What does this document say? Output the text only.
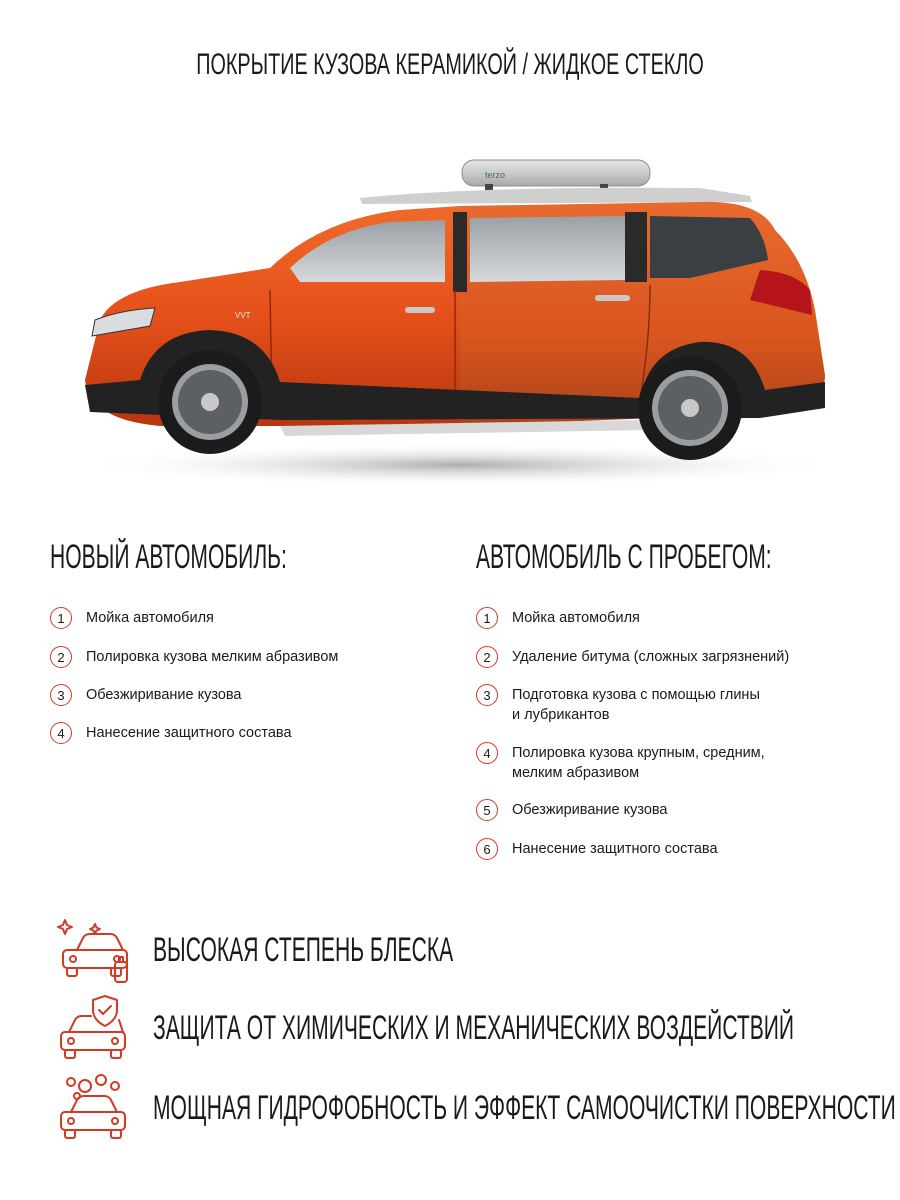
ПОКРЫТИЕ КУЗОВА КЕРАМИКОЙ / ЖИДКОЕ СТЕКЛО
terzo
VVT
НОВЫЙ АВТОМОБИЛЬ:
1	Мойка автомобиля
2	Полировка кузова мелким абразивом
3	Обезжиривание кузова
4	Нанесение защитного состава
АВТОМОБИЛЬ С ПРОБЕГОМ:
1	Мойка автомобиля
2	Удаление битума (сложных загрязнений)
3	Подготовка кузова с помощью глины
и лубрикантов
4	Полировка кузова крупным, средним,
мелким абразивом
5	Обезжиривание кузова
6	Нанесение защитного состава
ВЫСОКАЯ СТЕПЕНЬ БЛЕСКА
ЗАЩИТА ОТ ХИМИЧЕСКИХ И МЕХАНИЧЕСКИХ ВОЗДЕЙСТВИЙ
МОЩНАЯ ГИДРОФОБНОСТЬ И ЭФФЕКТ САМООЧИСТКИ ПОВЕРХНОСТИ
